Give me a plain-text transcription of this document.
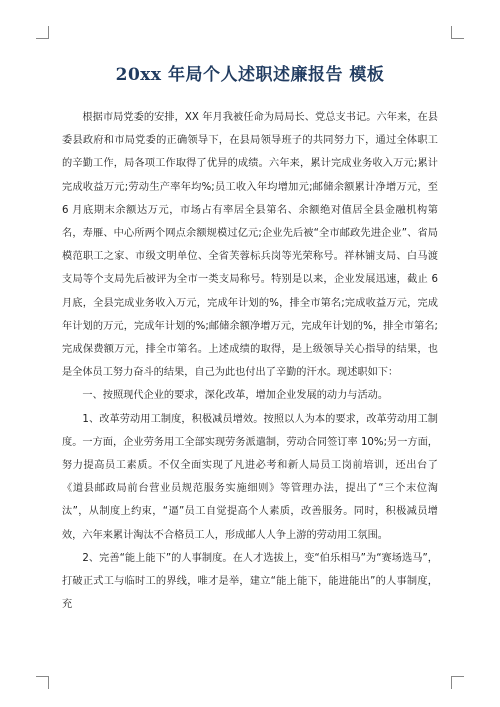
20xx 年局个人述职述廉报告 模板

根据市局党委的安排，XX 年月我被任命为局局长、党总支书记。六年来，在县委县政府和市局党委的正确领导下，在县局领导班子的共同努力下，通过全体职工的辛勤工作，局各项工作取得了优异的成绩。六年来，累计完成业务收入万元;累计完成收益万元;劳动生产率年均%;员工收入年均增加元;邮储余额累计净增万元，至 6 月底期末余额达万元，市场占有率居全县第名、余额绝对值居全县金融机构第名，寿雁、中心所两个网点余额规模过亿元;企业先后被“全市邮政先进企业”、省局模范职工之家、市级文明单位、全省芙蓉标兵岗等光荣称号。祥林铺支局、白马渡支局等个支局先后被评为全市一类支局称号。特别是以来，企业发展迅速，截止 6 月底，全县完成业务收入万元，完成年计划的%，排全市第名;完成收益万元，完成年计划的万元，完成年计划的%;邮储余额净增万元，完成年计划的%，排全市第名;完成保费额万元，排全市第名。上述成绩的取得，是上级领导关心指导的结果，也是全体员工努力奋斗的结果，自己为此也付出了辛勤的汗水。现述职如下：

一、按照现代企业的要求，深化改革，增加企业发展的动力与活动。

1、改革劳动用工制度，积极减员增效。按照以人为本的要求，改革劳动用工制度。一方面，企业劳务用工全部实现劳务派遣制，劳动合同签订率 10%;另一方面，努力提高员工素质。不仅全面实现了凡进必考和新人局员工岗前培训，还出台了《道县邮政局前台营业员规范服务实施细则》等管理办法，提出了“三个末位淘汰”，从制度上约束，“逼”员工自觉提高个人素质，改善服务。同时，积极减员增效，六年来累计淘汰不合格员工人，形成邮人人争上游的劳动用工氛围。

2、完善“能上能下”的人事制度。在人才选拔上，变“伯乐相马”为“赛场选马”，打破正式工与临时工的界线，唯才是举，建立“能上能下，能进能出”的人事制度，充
